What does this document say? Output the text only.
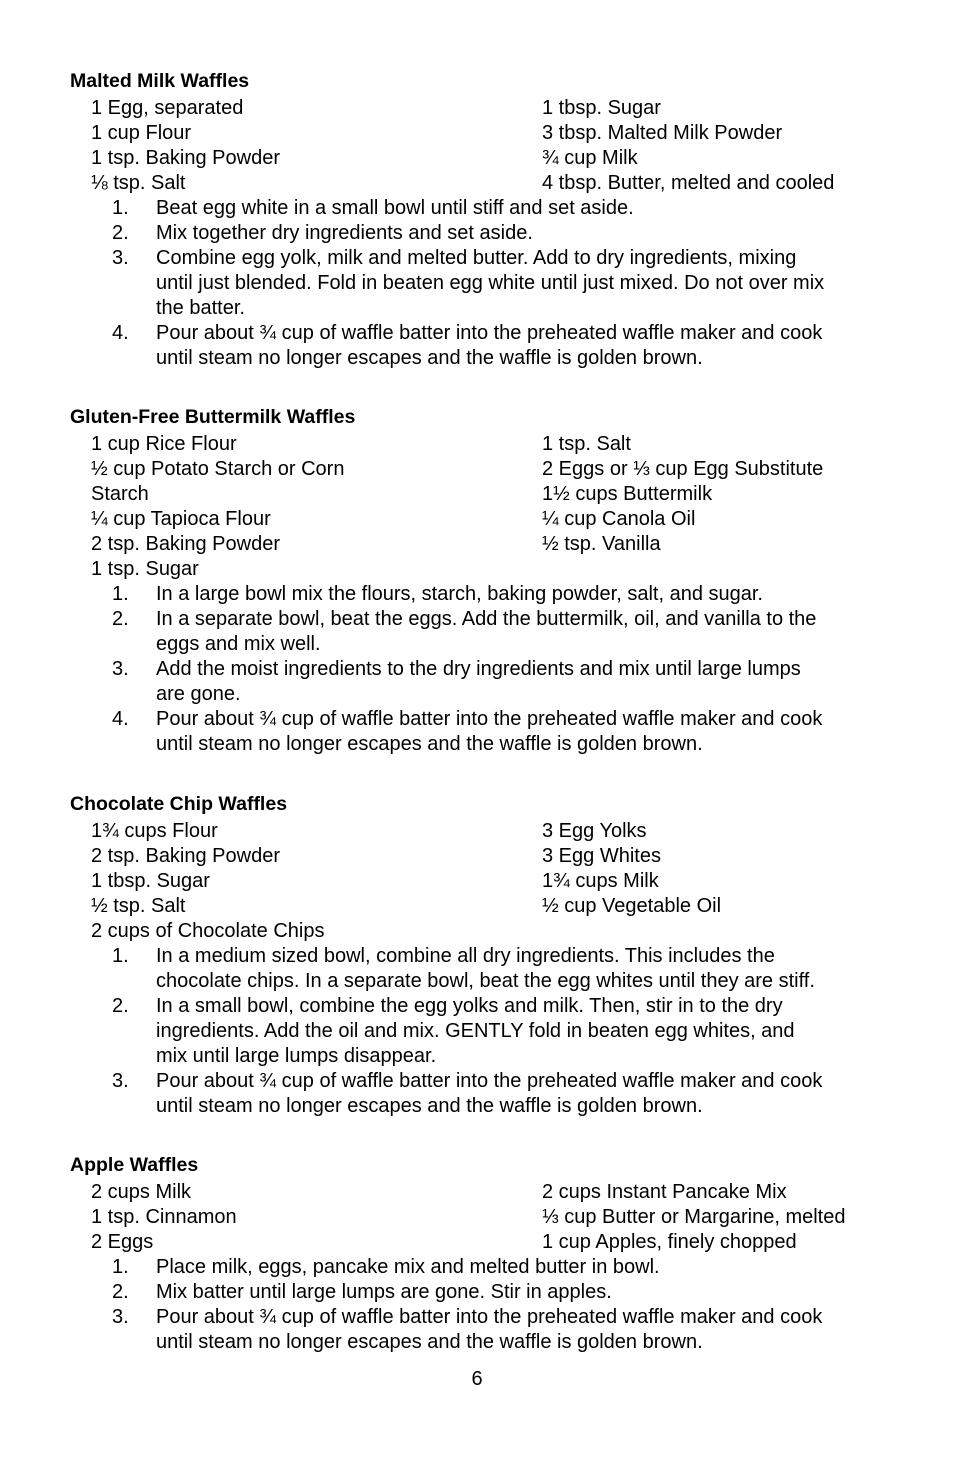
Malted Milk Waffles
1 Egg, separated
1 cup Flour
1 tsp. Baking Powder
⅛ tsp. Salt
1 tbsp. Sugar
3 tbsp. Malted Milk Powder
¾ cup Milk
4 tbsp. Butter, melted and cooled
1. Beat egg white in a small bowl until stiff and set aside.
2. Mix together dry ingredients and set aside.
3. Combine egg yolk, milk and melted butter. Add to dry ingredients, mixing
until just blended. Fold in beaten egg white until just mixed. Do not over mix
the batter.
4. Pour about ¾ cup of waffle batter into the preheated waffle maker and cook
until steam no longer escapes and the waffle is golden brown.
Gluten-Free Buttermilk Waffles
1 cup Rice Flour
½ cup Potato Starch or Corn
Starch
¼ cup Tapioca Flour
2 tsp. Baking Powder
1 tsp. Sugar
1 tsp. Salt
2 Eggs or ⅓ cup Egg Substitute
1½ cups Buttermilk
¼ cup Canola Oil
½ tsp. Vanilla
1. In a large bowl mix the flours, starch, baking powder, salt, and sugar.
2. In a separate bowl, beat the eggs. Add the buttermilk, oil, and vanilla to the
eggs and mix well.
3. Add the moist ingredients to the dry ingredients and mix until large lumps
are gone.
4. Pour about ¾ cup of waffle batter into the preheated waffle maker and cook
until steam no longer escapes and the waffle is golden brown.
Chocolate Chip Waffles
1¾ cups Flour
2 tsp. Baking Powder
1 tbsp. Sugar
½ tsp. Salt
2 cups of Chocolate Chips
3 Egg Yolks
3 Egg Whites
1¾ cups Milk
½ cup Vegetable Oil
1. In a medium sized bowl, combine all dry ingredients. This includes the
chocolate chips. In a separate bowl, beat the egg whites until they are stiff.
2. In a small bowl, combine the egg yolks and milk. Then, stir in to the dry
ingredients. Add the oil and mix. GENTLY fold in beaten egg whites, and
mix until large lumps disappear.
3. Pour about ¾ cup of waffle batter into the preheated waffle maker and cook
until steam no longer escapes and the waffle is golden brown.
Apple Waffles
2 cups Milk
1 tsp. Cinnamon
2 Eggs
2 cups Instant Pancake Mix
⅓ cup Butter or Margarine, melted
1 cup Apples, finely chopped
1. Place milk, eggs, pancake mix and melted butter in bowl.
2. Mix batter until large lumps are gone. Stir in apples.
3. Pour about ¾ cup of waffle batter into the preheated waffle maker and cook
until steam no longer escapes and the waffle is golden brown.
6
